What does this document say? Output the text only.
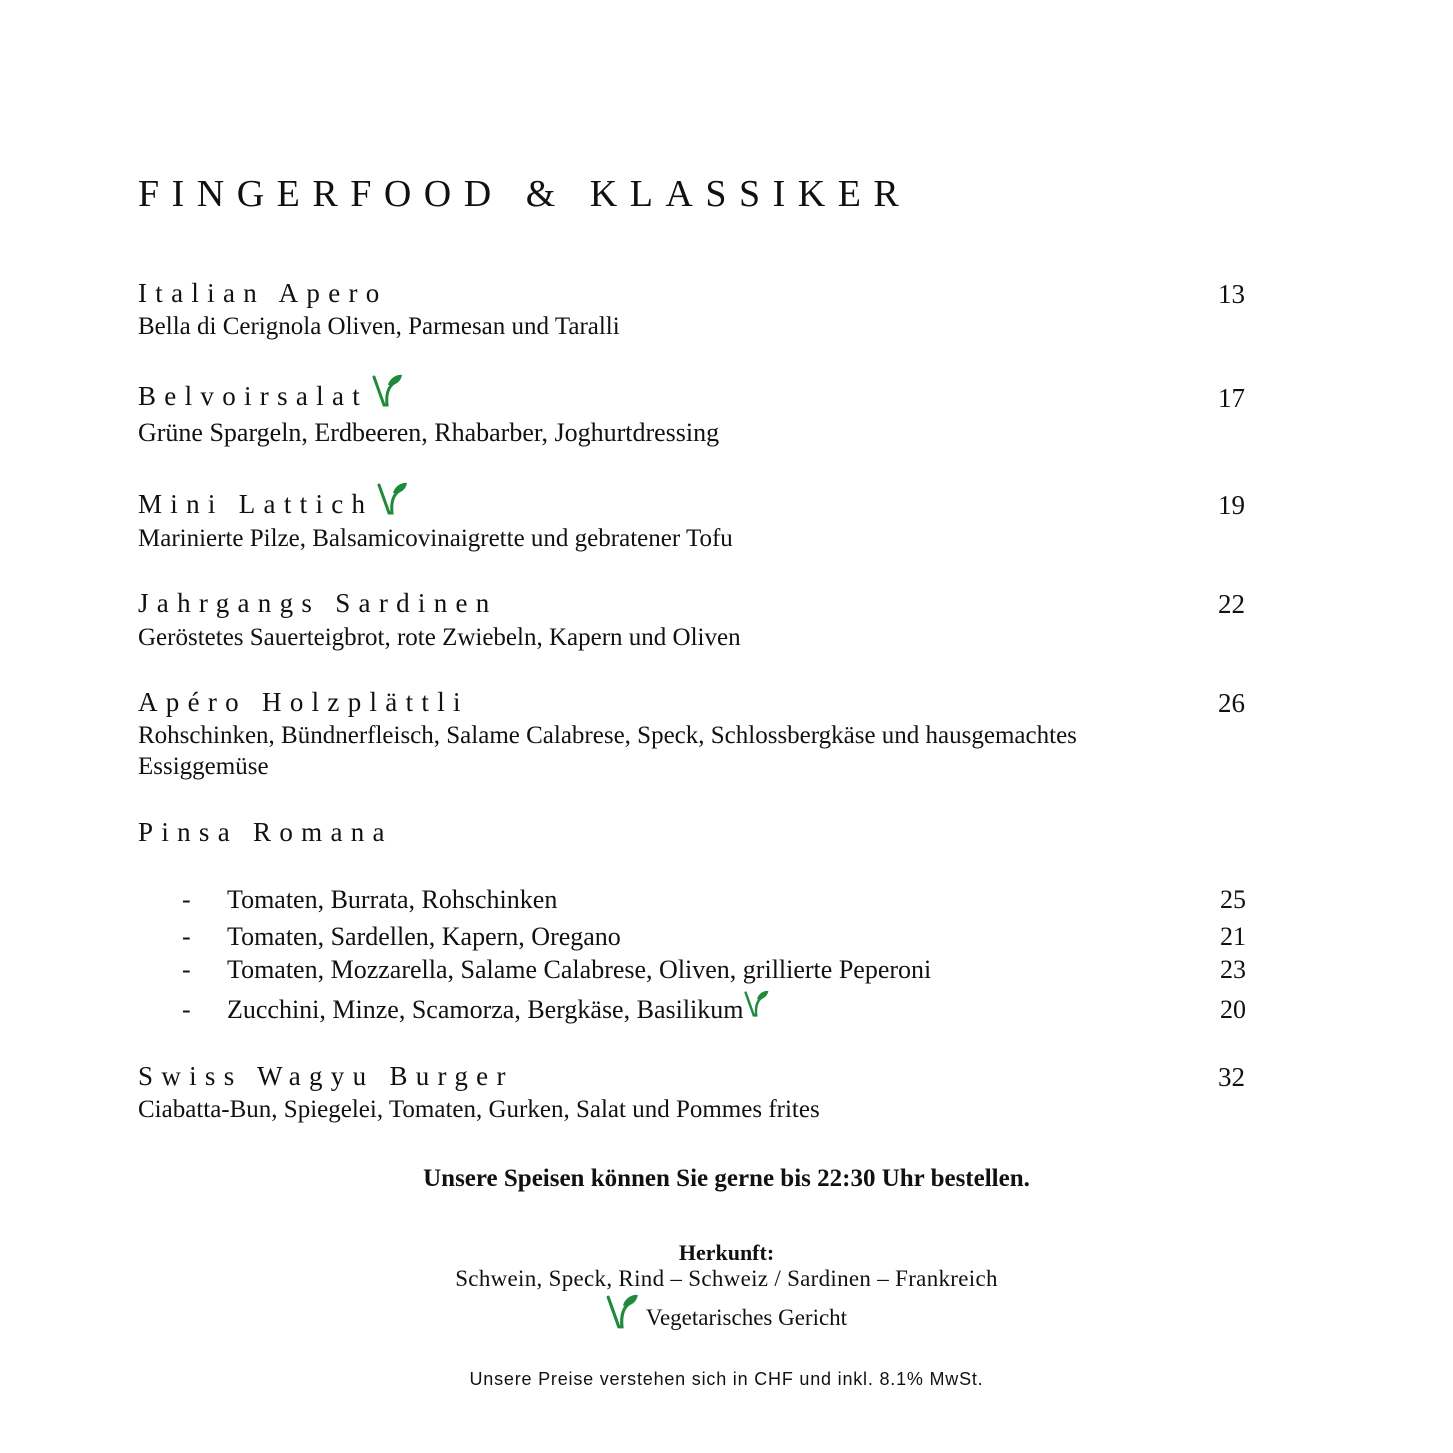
FINGERFOOD & KLASSIKER
Italian Apero	13
Bella di Cerignola Oliven, Parmesan und Taralli
Belvoirsalat	17
Grüne Spargeln, Erdbeeren, Rhabarber, Joghurtdressing
Mini Lattich	19
Marinierte Pilze, Balsamicovinaigrette und gebratener Tofu
Jahrgangs Sardinen	22
Geröstetes Sauerteigbrot, rote Zwiebeln, Kapern und Oliven
Apéro Holzplättli	26
Rohschinken, Bündnerfleisch, Salame Calabrese, Speck, Schlossbergkäse und hausgemachtes Essiggemüse
Pinsa Romana
- Tomaten, Burrata, Rohschinken	25
- Tomaten, Sardellen, Kapern, Oregano	21
- Tomaten, Mozzarella, Salame Calabrese, Oliven, grillierte Peperoni	23
- Zucchini, Minze, Scamorza, Bergkäse, Basilikum	20
Swiss Wagyu Burger	32
Ciabatta-Bun, Spiegelei, Tomaten, Gurken, Salat und Pommes frites
Unsere Speisen können Sie gerne bis 22:30 Uhr bestellen.
Herkunft:
Schwein, Speck, Rind – Schweiz / Sardinen – Frankreich
Vegetarisches Gericht
Unsere Preise verstehen sich in CHF und inkl. 8.1% MwSt.
